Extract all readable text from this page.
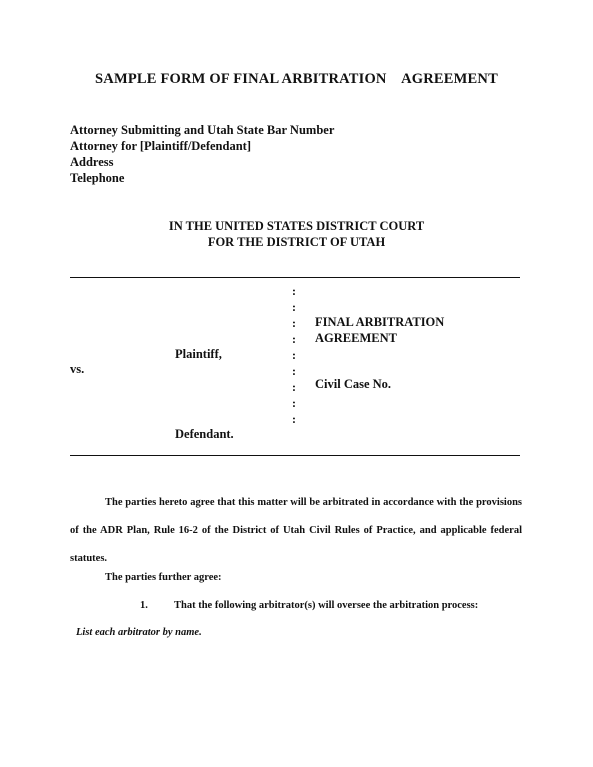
SAMPLE FORM OF FINAL ARBITRATION    AGREEMENT
Attorney Submitting and Utah State Bar Number
Attorney for [Plaintiff/Defendant]
Address
Telephone
IN THE UNITED STATES DISTRICT COURT
FOR THE DISTRICT OF UTAH
:
:
:
:
:
:
:
:
:
Plaintiff,
vs.
Defendant.
FINAL ARBITRATION
AGREEMENT
Civil Case No.
The parties hereto agree that this matter will be arbitrated in accordance with the provisions of the ADR Plan, Rule 16-2 of the District of Utah Civil Rules of Practice, and applicable federal statutes.
The parties further agree:
1. That the following arbitrator(s) will oversee the arbitration process:
List each arbitrator by name.
